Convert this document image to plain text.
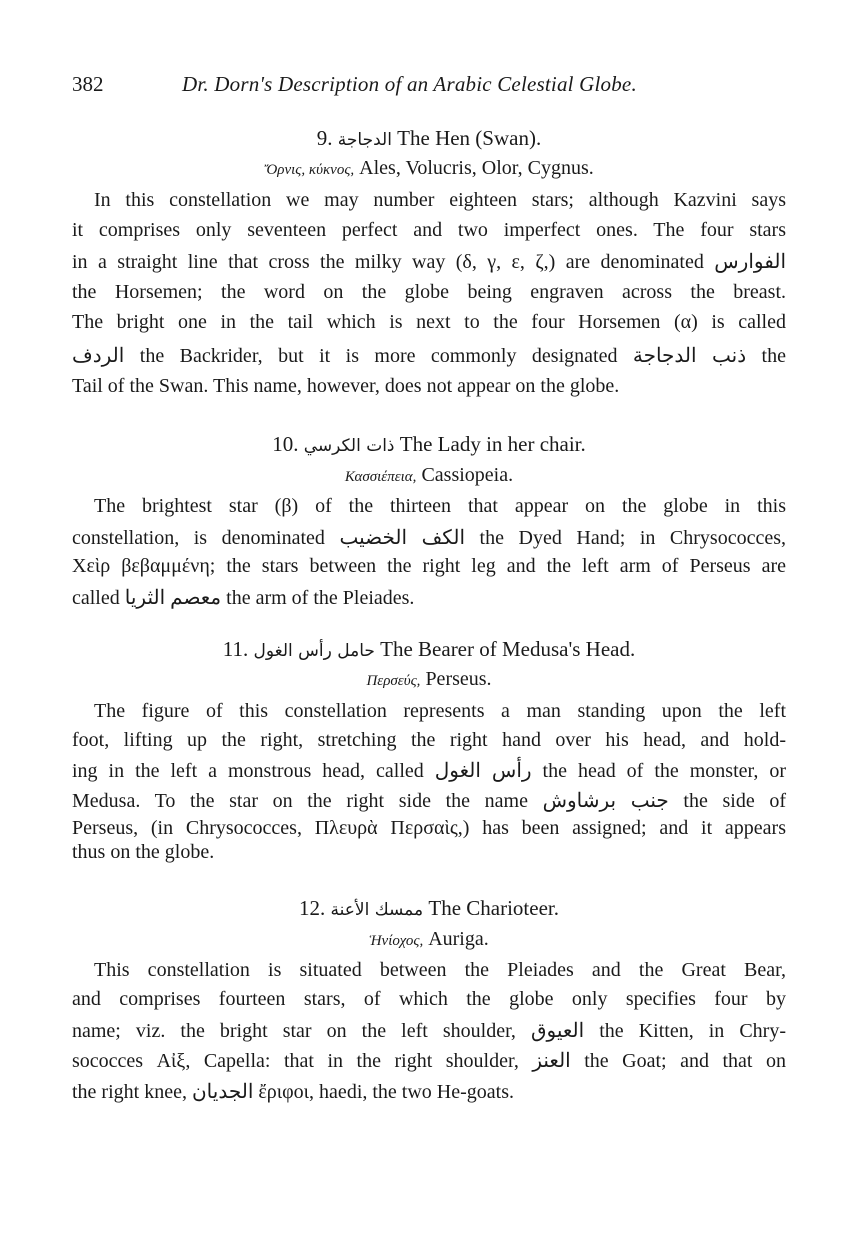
382	Dr. Dorn's Description of an Arabic Celestial Globe.
9. الدجاجة The Hen (Swan).
Ὄρνις, κύκνος, Ales, Volucris, Olor, Cygnus.
In this constellation we may number eighteen stars; although Kazvini says
it comprises only seventeen perfect and two imperfect ones. The four stars
in a straight line that cross the milky way (δ, γ, ε, ζ,) are denominated الفوارس
the Horsemen; the word on the globe being engraven across the breast.
The bright one in the tail which is next to the four Horsemen (α) is called
الردف the Backrider, but it is more commonly designated ذنب الدجاجة the
Tail of the Swan. This name, however, does not appear on the globe.
10. ذات الكرسي The Lady in her chair.
Κασσιέπεια, Cassiopeia.
The brightest star (β) of the thirteen that appear on the globe in this
constellation, is denominated الكف الخضيب the Dyed Hand; in Chrysococces,
Χεὶρ βεβαμμένη; the stars between the right leg and the left arm of Perseus are
called معصم الثريا the arm of the Pleiades.
11. حامل رأس الغول The Bearer of Medusa's Head.
Περσεύς, Perseus.
The figure of this constellation represents a man standing upon the left
foot, lifting up the right, stretching the right hand over his head, and hold-
ing in the left a monstrous head, called رأس الغول the head of the monster, or
Medusa. To the star on the right side the name جنب برشاوش the side of
Perseus, (in Chrysococces, Πλευρὰ Περσαὶς,) has been assigned; and it appears
thus on the globe.
12. ممسك الأعنة The Charioteer.
Ἡνίοχος, Auriga.
This constellation is situated between the Pleiades and the Great Bear,
and comprises fourteen stars, of which the globe only specifies four by
name; viz. the bright star on the left shoulder, العيوق the Kitten, in Chry-
sococces Αἰξ, Capella: that in the right shoulder, العنز the Goat; and that on
the right knee, الجديان ἔριφοι, haedi, the two He-goats.
